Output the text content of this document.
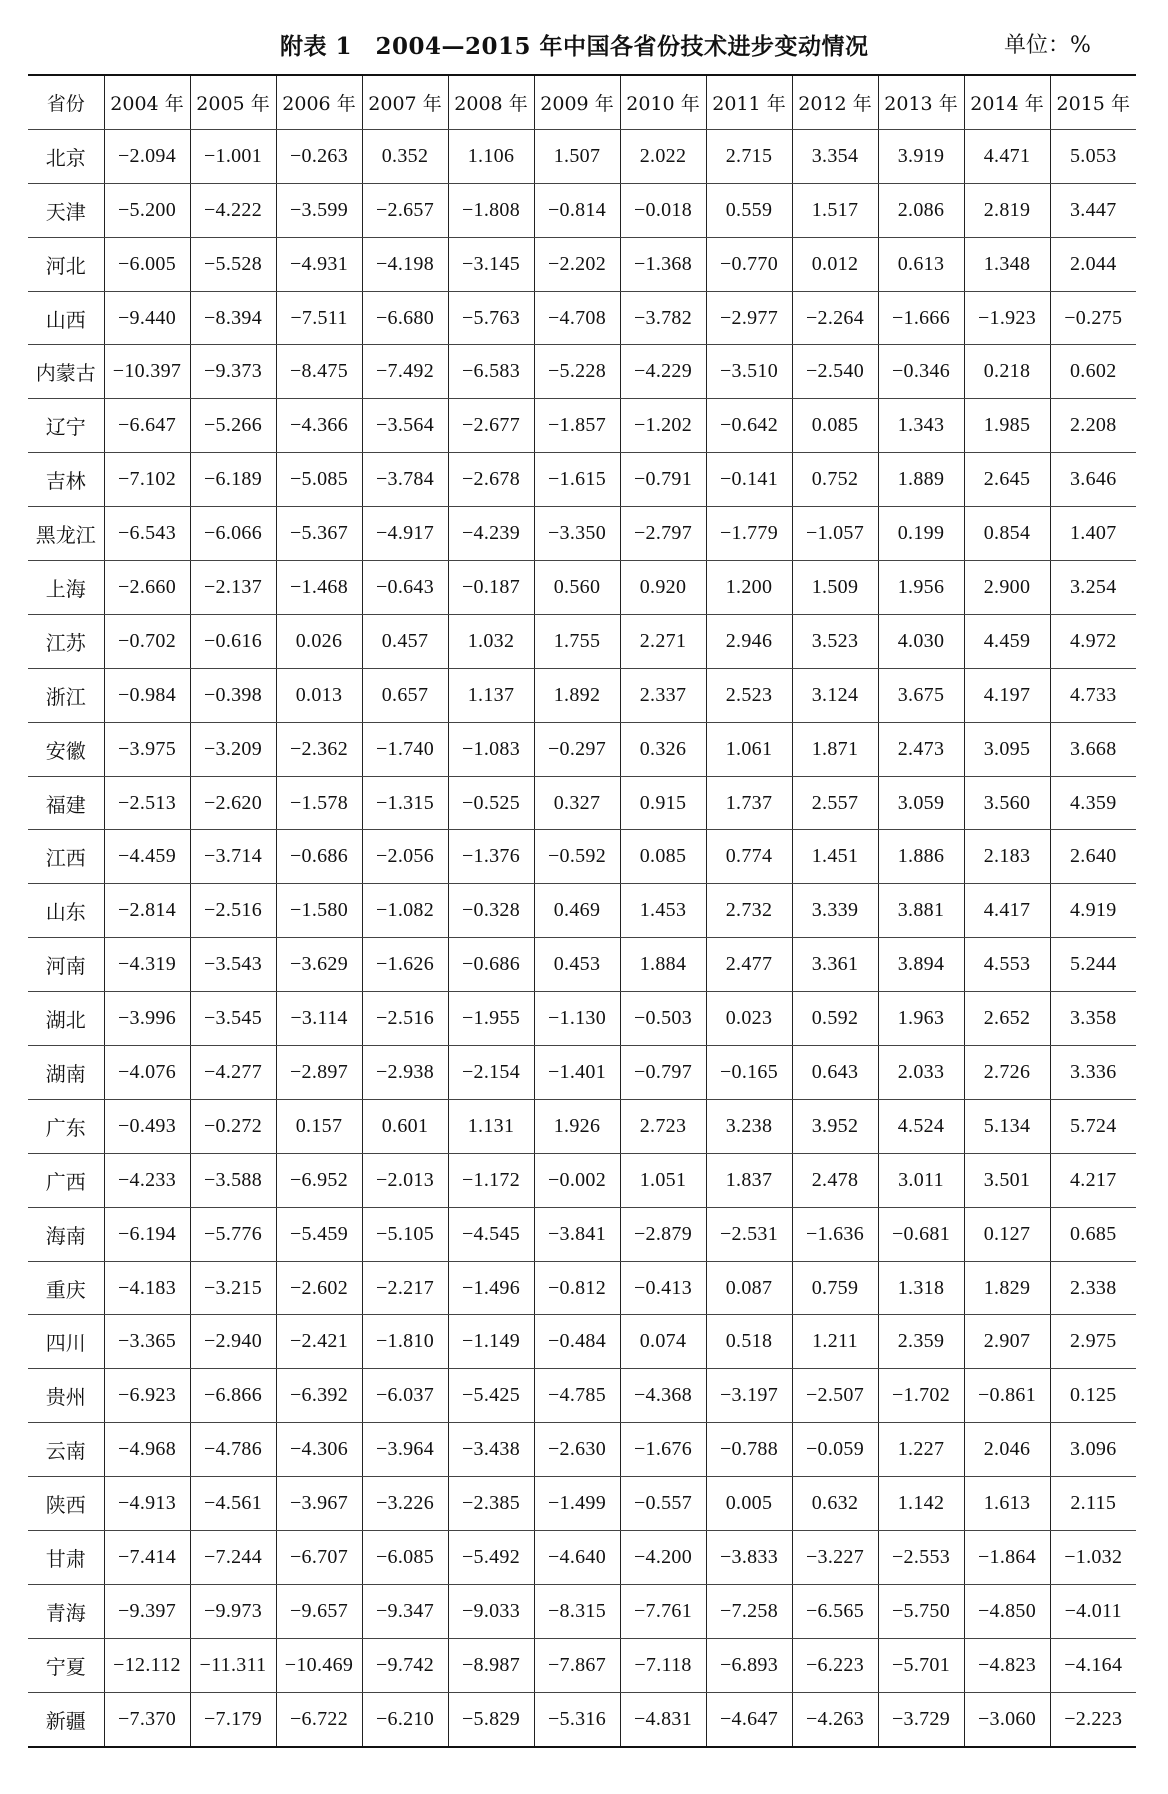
附表 1　2004—2015 年中国各省份技术进步变动情况	单位：%
省份	2004 年	2005 年	2006 年	2007 年	2008 年	2009 年	2010 年	2011 年	2012 年	2013 年	2014 年	2015 年
北京	−2.094	−1.001	−0.263	0.352	1.106	1.507	2.022	2.715	3.354	3.919	4.471	5.053
天津	−5.200	−4.222	−3.599	−2.657	−1.808	−0.814	−0.018	0.559	1.517	2.086	2.819	3.447
河北	−6.005	−5.528	−4.931	−4.198	−3.145	−2.202	−1.368	−0.770	0.012	0.613	1.348	2.044
山西	−9.440	−8.394	−7.511	−6.680	−5.763	−4.708	−3.782	−2.977	−2.264	−1.666	−1.923	−0.275
内蒙古	−10.397	−9.373	−8.475	−7.492	−6.583	−5.228	−4.229	−3.510	−2.540	−0.346	0.218	0.602
辽宁	−6.647	−5.266	−4.366	−3.564	−2.677	−1.857	−1.202	−0.642	0.085	1.343	1.985	2.208
吉林	−7.102	−6.189	−5.085	−3.784	−2.678	−1.615	−0.791	−0.141	0.752	1.889	2.645	3.646
黑龙江	−6.543	−6.066	−5.367	−4.917	−4.239	−3.350	−2.797	−1.779	−1.057	0.199	0.854	1.407
上海	−2.660	−2.137	−1.468	−0.643	−0.187	0.560	0.920	1.200	1.509	1.956	2.900	3.254
江苏	−0.702	−0.616	0.026	0.457	1.032	1.755	2.271	2.946	3.523	4.030	4.459	4.972
浙江	−0.984	−0.398	0.013	0.657	1.137	1.892	2.337	2.523	3.124	3.675	4.197	4.733
安徽	−3.975	−3.209	−2.362	−1.740	−1.083	−0.297	0.326	1.061	1.871	2.473	3.095	3.668
福建	−2.513	−2.620	−1.578	−1.315	−0.525	0.327	0.915	1.737	2.557	3.059	3.560	4.359
江西	−4.459	−3.714	−0.686	−2.056	−1.376	−0.592	0.085	0.774	1.451	1.886	2.183	2.640
山东	−2.814	−2.516	−1.580	−1.082	−0.328	0.469	1.453	2.732	3.339	3.881	4.417	4.919
河南	−4.319	−3.543	−3.629	−1.626	−0.686	0.453	1.884	2.477	3.361	3.894	4.553	5.244
湖北	−3.996	−3.545	−3.114	−2.516	−1.955	−1.130	−0.503	0.023	0.592	1.963	2.652	3.358
湖南	−4.076	−4.277	−2.897	−2.938	−2.154	−1.401	−0.797	−0.165	0.643	2.033	2.726	3.336
广东	−0.493	−0.272	0.157	0.601	1.131	1.926	2.723	3.238	3.952	4.524	5.134	5.724
广西	−4.233	−3.588	−6.952	−2.013	−1.172	−0.002	1.051	1.837	2.478	3.011	3.501	4.217
海南	−6.194	−5.776	−5.459	−5.105	−4.545	−3.841	−2.879	−2.531	−1.636	−0.681	0.127	0.685
重庆	−4.183	−3.215	−2.602	−2.217	−1.496	−0.812	−0.413	0.087	0.759	1.318	1.829	2.338
四川	−3.365	−2.940	−2.421	−1.810	−1.149	−0.484	0.074	0.518	1.211	2.359	2.907	2.975
贵州	−6.923	−6.866	−6.392	−6.037	−5.425	−4.785	−4.368	−3.197	−2.507	−1.702	−0.861	0.125
云南	−4.968	−4.786	−4.306	−3.964	−3.438	−2.630	−1.676	−0.788	−0.059	1.227	2.046	3.096
陕西	−4.913	−4.561	−3.967	−3.226	−2.385	−1.499	−0.557	0.005	0.632	1.142	1.613	2.115
甘肃	−7.414	−7.244	−6.707	−6.085	−5.492	−4.640	−4.200	−3.833	−3.227	−2.553	−1.864	−1.032
青海	−9.397	−9.973	−9.657	−9.347	−9.033	−8.315	−7.761	−7.258	−6.565	−5.750	−4.850	−4.011
宁夏	−12.112	−11.311	−10.469	−9.742	−8.987	−7.867	−7.118	−6.893	−6.223	−5.701	−4.823	−4.164
新疆	−7.370	−7.179	−6.722	−6.210	−5.829	−5.316	−4.831	−4.647	−4.263	−3.729	−3.060	−2.223
